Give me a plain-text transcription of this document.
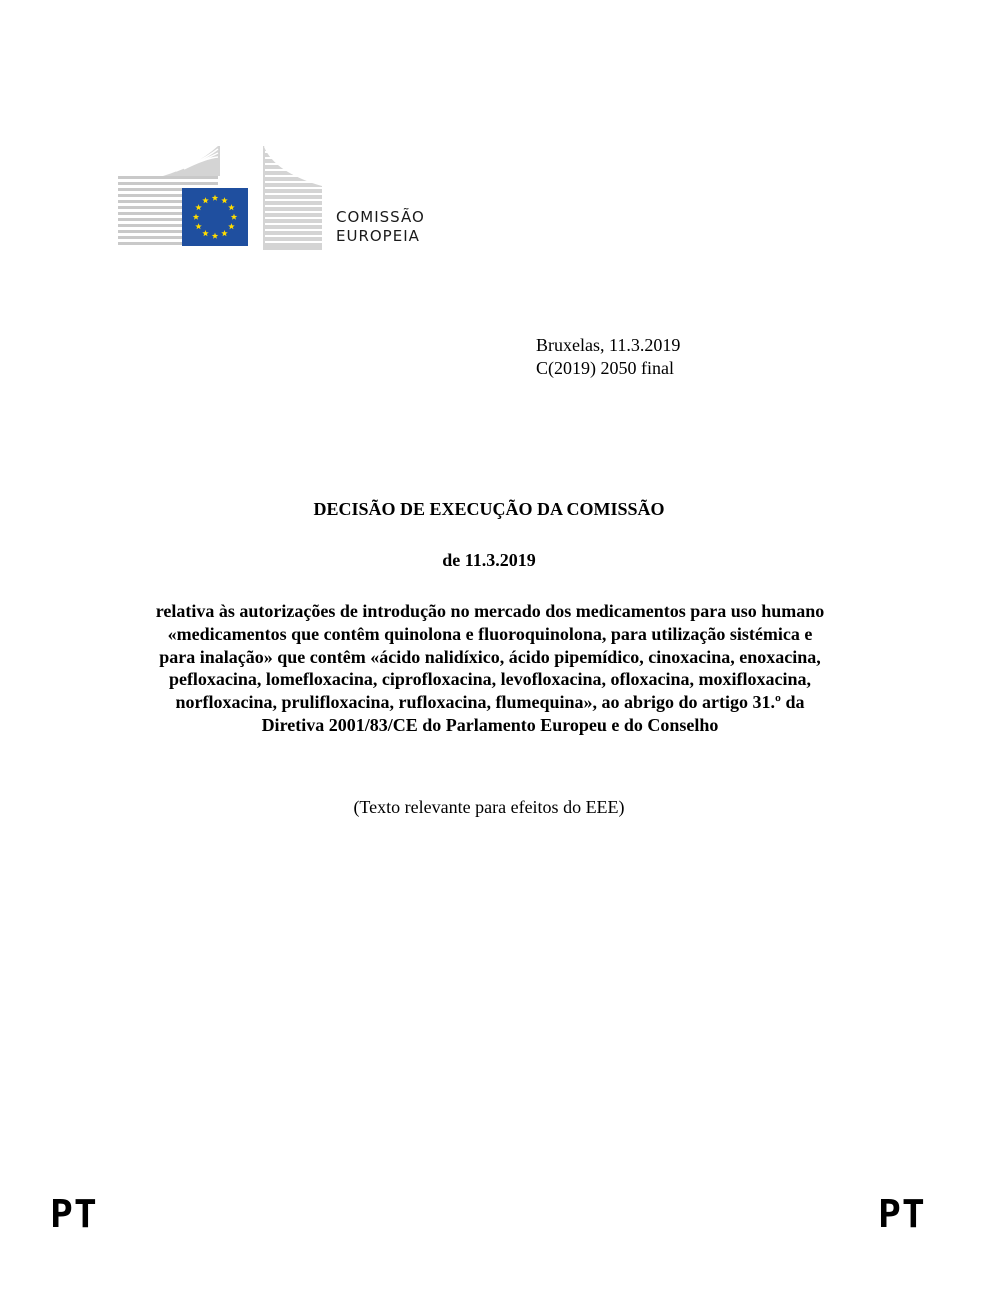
COMISSÃO
EUROPEIA
Bruxelas, 11.3.2019
C(2019) 2050 final
DECISÃO DE EXECUÇÃO DA COMISSÃO
de 11.3.2019
relativa às autorizações de introdução no mercado dos medicamentos para uso humano
«medicamentos que contêm quinolona e fluoroquinolona, para utilização sistémica e
para inalação» que contêm «ácido nalidíxico, ácido pipemídico, cinoxacina, enoxacina,
pefloxacina, lomefloxacina, ciprofloxacina, levofloxacina, ofloxacina, moxifloxacina,
norfloxacina, prulifloxacina, rufloxacina, flumequina», ao abrigo do artigo 31.º da
Diretiva 2001/83/CE do Parlamento Europeu e do Conselho
(Texto relevante para efeitos do EEE)
PT	PT
